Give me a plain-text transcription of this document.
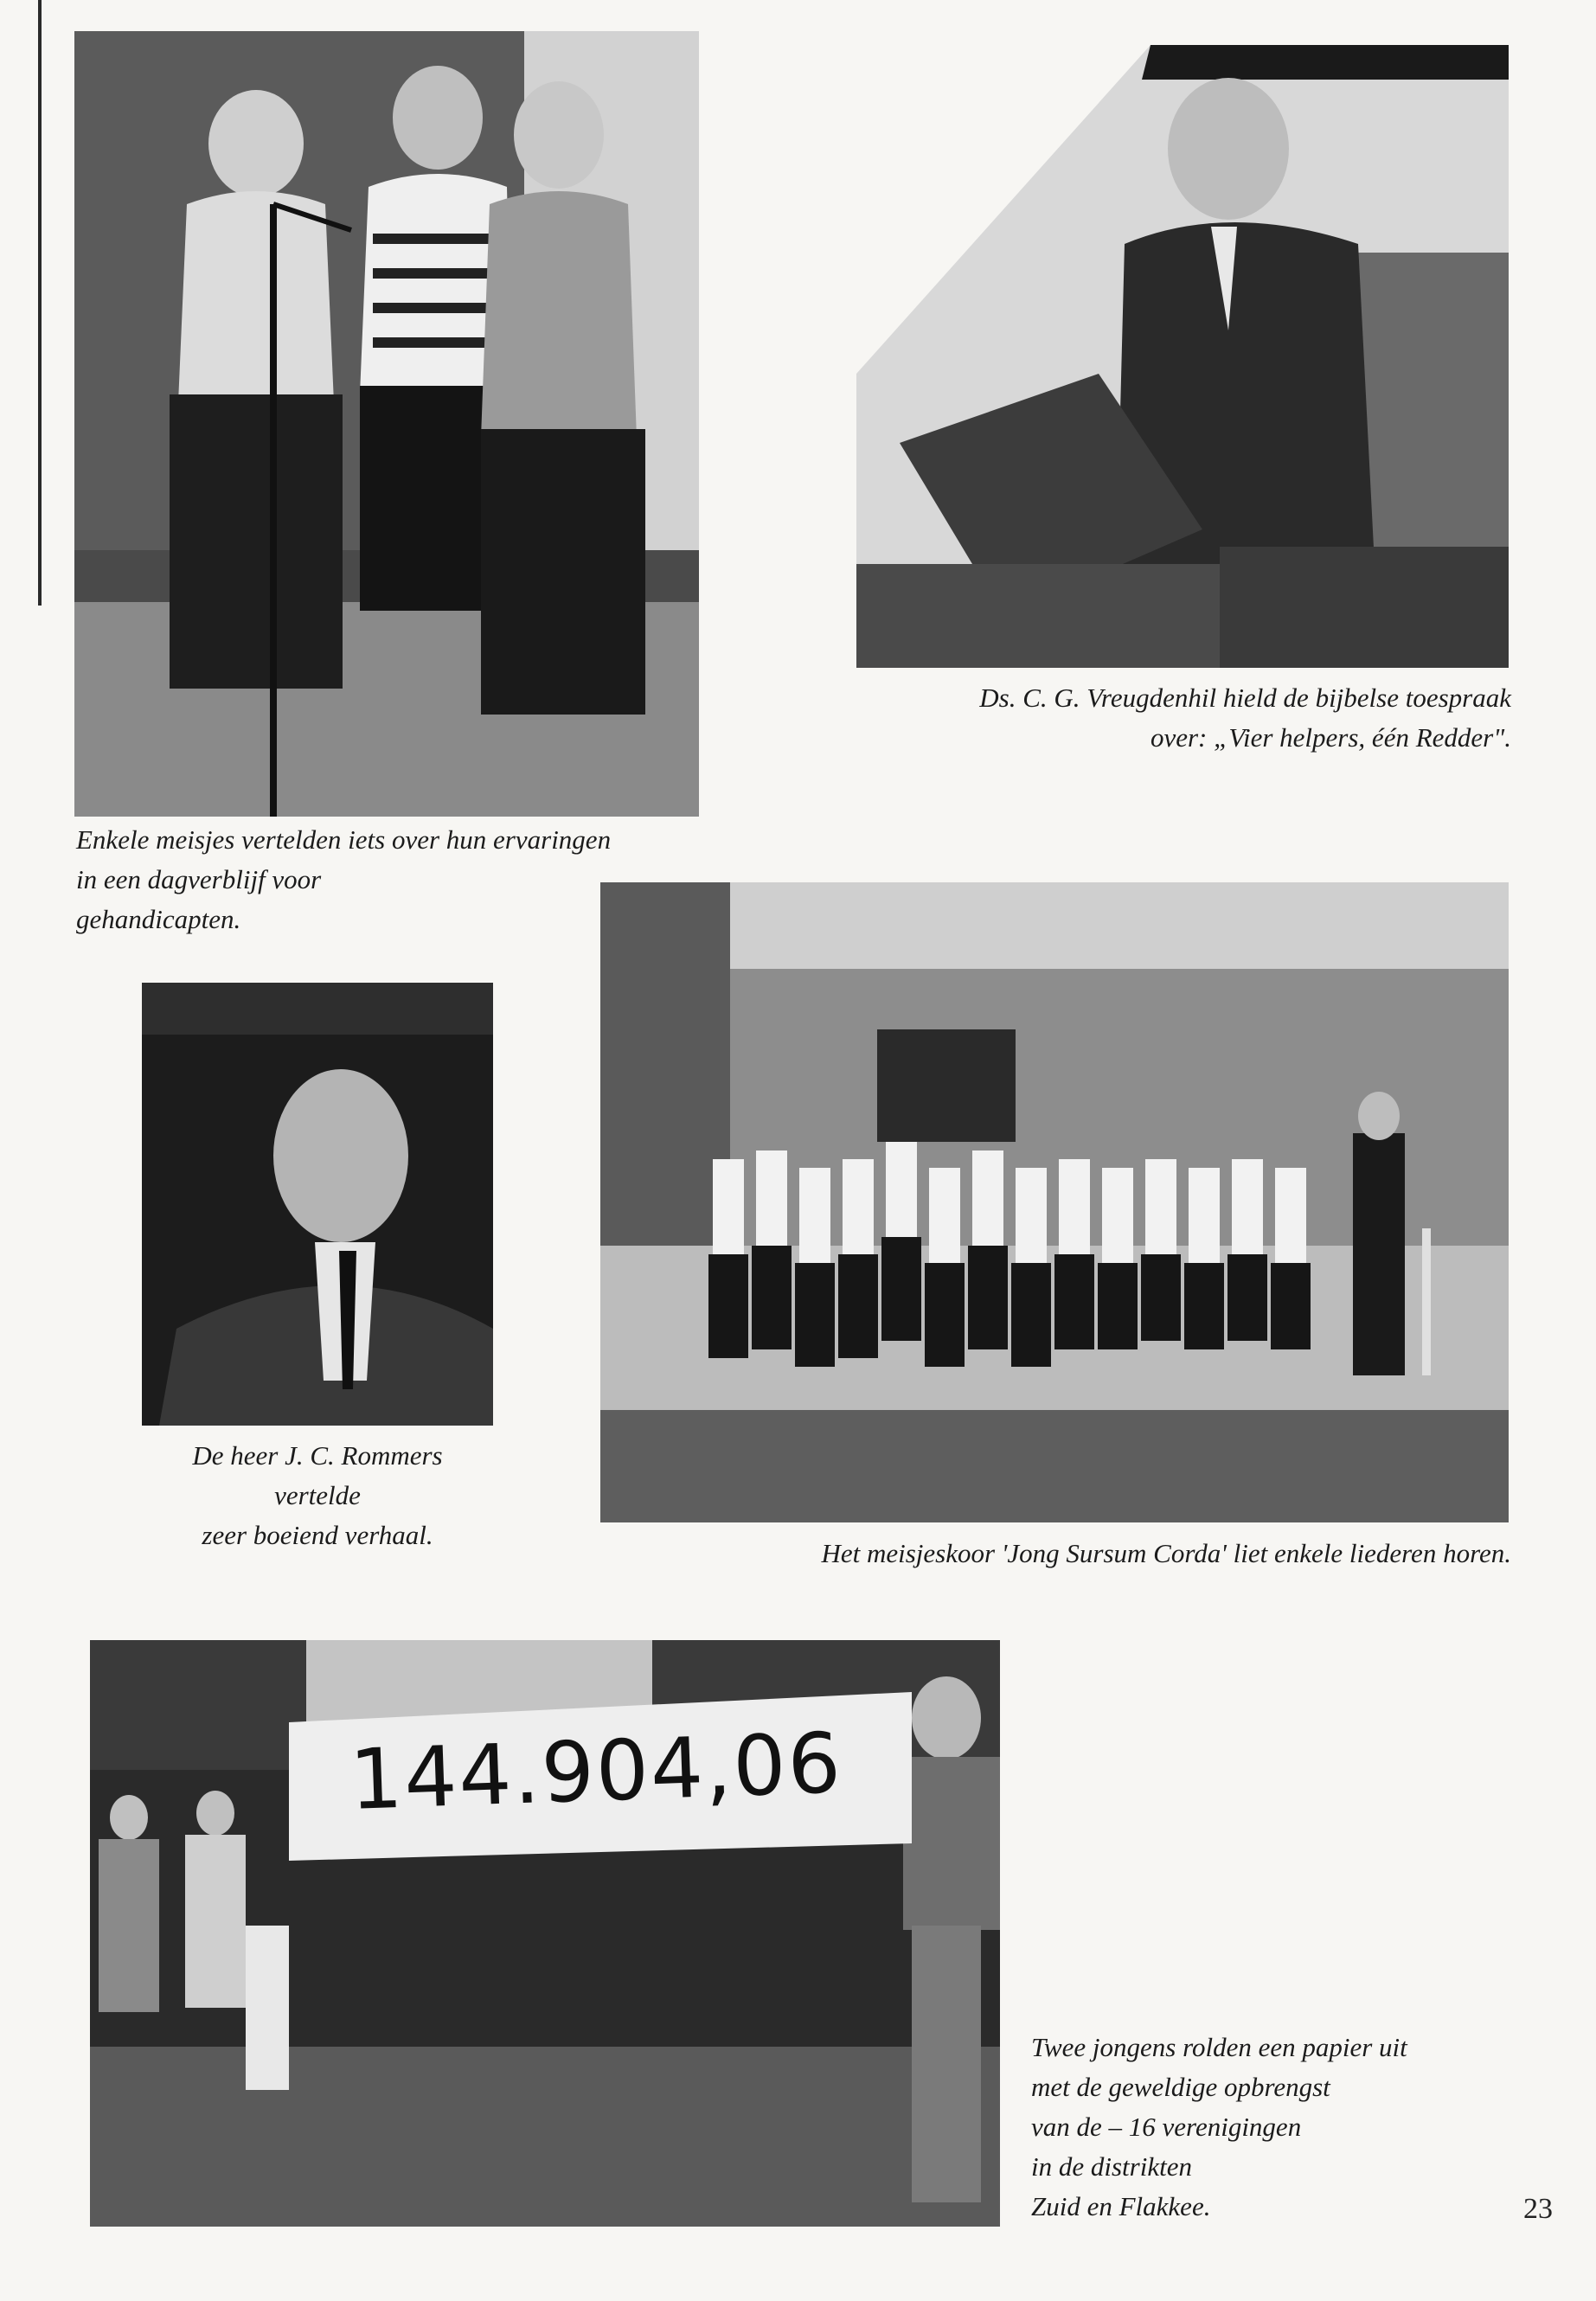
144.904,06
Enkele meisjes vertelden iets over hun ervaringen
in een dagverblijf voor
gehandicapten.
Ds. C. G. Vreugdenhil hield de bijbelse toespraak
over: „Vier helpers, één Redder".
De heer J. C. Rommers
vertelde
zeer boeiend verhaal.
Het meisjeskoor 'Jong Sursum Corda' liet enkele liederen horen.
Twee jongens rolden een papier uit
met de geweldige opbrengst
van de – 16 verenigingen
in de distrikten
Zuid en Flakkee.	23
